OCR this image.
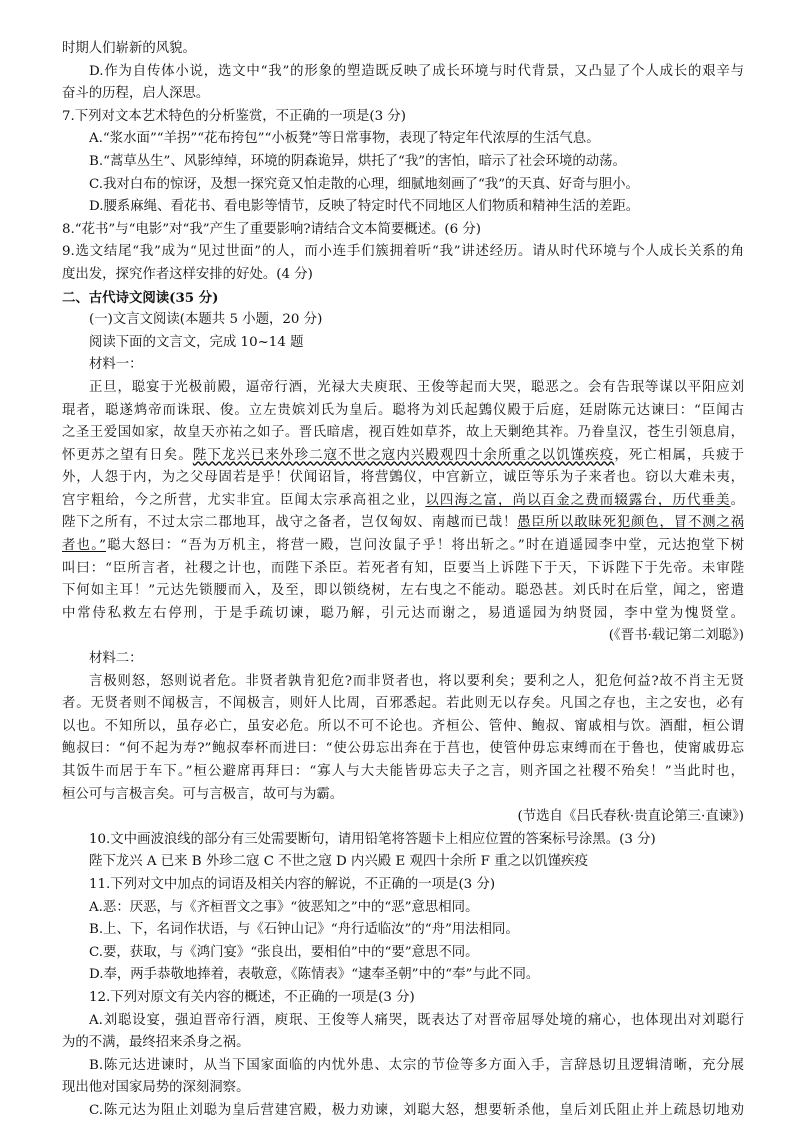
时期人们崭新的风貌。
D.作为自传体小说，选文中“我”的形象的塑造既反映了成长环境与时代背景，又凸显了个人成长的艰辛与
奋斗的历程，启人深思。
7.下列对文本艺术特色的分析鉴赏，不正确的一项是(3 分)
A.“浆水面”“羊拐”“花布挎包”“小板凳”等日常事物，表现了特定年代浓厚的生活气息。
B.“蒿草丛生”、风影绰绰，环境的阴森诡异，烘托了“我”的害怕，暗示了社会环境的动荡。
C.我对白布的惊讶，及想一探究竟又怕走散的心理，细腻地刻画了“我”的天真、好奇与胆小。
D.腰系麻绳、看花书、看电影等情节，反映了特定时代不同地区人们物质和精神生活的差距。
8.“花书”与“电影”对“我”产生了重要影响?请结合文本简要概述。(6 分)
9.选文结尾“我”成为“见过世面”的人，而小连手们簇拥着听“我”讲述经历。请从时代环境与个人成长关系的角
度出发，探究作者这样安排的好处。(4 分)
二、古代诗文阅读(35 分)
(一)文言文阅读(本题共 5 小题，20 分)
阅读下面的文言文，完成 10~14 题
材料一：
正旦，聪宴于光极前殿，逼帝行酒，光禄大夫庾珉、王俊等起而大哭，聪恶之。会有告珉等谋以平阳应刘
琨者，聪遂鸩帝而诛珉、俊。立左贵嫔刘氏为皇后。聪将为刘氏起䳨仪殿于后庭，廷尉陈元达谏曰：“臣闻古
之圣王爱国如家，故皇天亦祐之如子。晋氏暗虐，视百姓如草芥，故上天剿绝其祚。乃眷皇汉，苍生引领息肩，
怀更苏之望有日矣。陛下龙兴已来外珍二寇不世之寇内兴殿观四十余所重之以饥馑疾疫，死亡相属，兵疲于
外，人怨于内，为之父母固若是乎！伏闻诏旨，将营䳨仪，中宫新立，诚臣等乐为子来者也。窃以大难未夷，
宫宇粗给，今之所营，尤实非宜。臣闻太宗承高祖之业，以四海之富，尚以百金之费而辍露台，历代垂美。
陛下之所有，不过太宗二郡地耳，战守之备者，岂仅匈奴、南越而已哉！愚臣所以敢昧死犯颜色，冒不测之祸
者也。”聪大怒曰：“吾为万机主，将营一殿，岂问汝鼠子乎！将出斩之。”时在逍遥园李中堂，元达抱堂下树
叫曰：“臣所言者，社稷之计也，而陛下杀臣。若死者有知，臣要当上诉陛下于天，下诉陛下于先帝。未审陛
下何如主耳！”元达先锁腰而入，及至，即以锁绕树，左右曳之不能动。聪恐甚。刘氏时在后堂，闻之，密遣
中常侍私救左右停刑，于是手疏切谏，聪乃解，引元达而谢之，易逍遥园为纳贤园，李中堂为愧贤堂。
(《晋书·载记第二刘聪》)
材料二：
言极则怒，怒则说者危。非贤者孰肯犯危?而非贤者也，将以要利矣；要利之人，犯危何益?故不肖主无贤
者。无贤者则不闻极言，不闻极言，则奸人比周，百邪悉起。若此则无以存矣。凡国之存也，主之安也，必有
以也。不知所以，虽存必亡，虽安必危。所以不可不论也。齐桓公、管仲、鲍叔、甯戚相与饮。酒酣，桓公谓
鲍叔曰：“何不起为寿?”鲍叔奉杯而进曰：“使公毋忘出奔在于莒也，使管仲毋忘束缚而在于鲁也，使甯戚毋忘
其饭牛而居于车下。”桓公避席再拜曰：“寡人与大夫能皆毋忘夫子之言，则齐国之社稷不殆矣！”当此时也，
桓公可与言极言矣。可与言极言，故可与为霸。
(节选自《吕氏春秋·贵直论第三·直谏》)
10.文中画波浪线的部分有三处需要断句，请用铅笔将答题卡上相应位置的答案标号涂黑。(3 分)
陛下龙兴 A 已来 B 外珍二寇 C 不世之寇 D 内兴殿 E 观四十余所 F 重之以饥馑疾疫
11.下列对文中加点的词语及相关内容的解说，不正确的一项是(3 分)
A.恶：厌恶，与《齐桓晋文之事》“彼恶知之”中的“恶”意思相同。
B.上、下，名词作状语，与《石钟山记》“舟行适临汝”的“舟”用法相同。
C.要，获取，与《鸿门宴》“张良出，要相伯”中的“要”意思不同。
D.奉，两手恭敬地捧着，表敬意，《陈情表》“逮奉圣朝”中的“奉”与此不同。
12.下列对原文有关内容的概述，不正确的一项是(3 分)
A.刘聪设宴，强迫晋帝行酒，庾珉、王俊等人痛哭，既表达了对晋帝屈辱处境的痛心，也体现出对刘聪行
为的不满，最终招来杀身之祸。
B.陈元达进谏时，从当下国家面临的内忧外患、太宗的节俭等多方面入手，言辞恳切且逻辑清晰，充分展
现出他对国家局势的深刻洞察。
C.陈元达为阻止刘聪为皇后营建宫殿，极力劝谏，刘聪大怒，想要斩杀他，皇后刘氏阻止并上疏恳切地劝
